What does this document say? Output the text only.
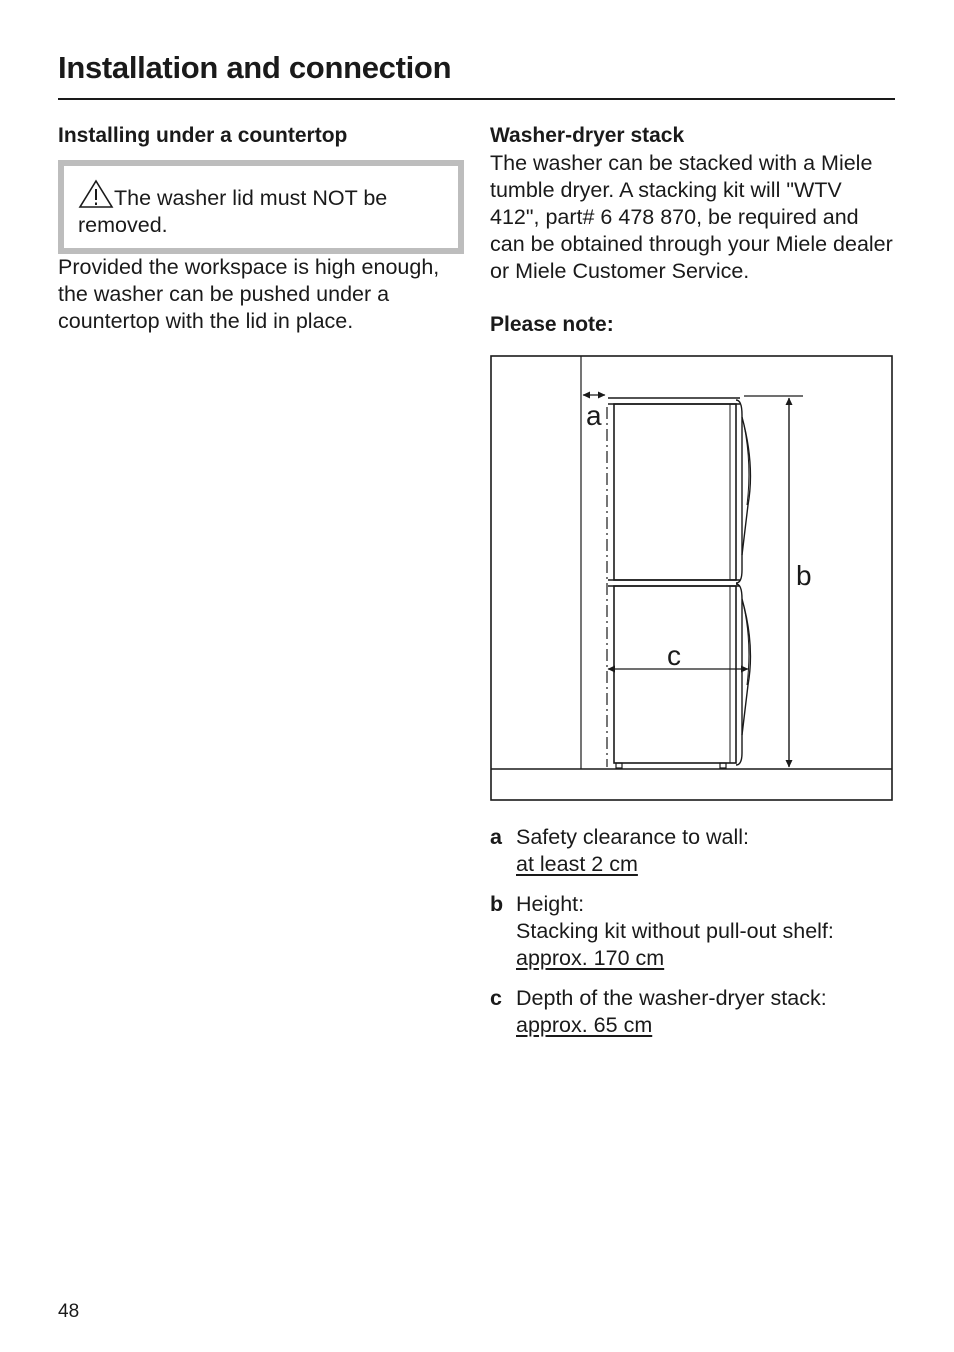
Installation and connection
Installing under a countertop
The washer lid must NOT be removed.

Provided the workspace is high enough, the washer can be pushed under a countertop with the lid in place.

Washer-dryer stack

The washer can be stacked with a Miele tumble dryer. A stacking kit will "WTV 412", part# 6 478 870, be required and can be obtained through your Miele dealer or Miele Customer Service.

Please note:
a
b
c
a Safety clearance to wall:
at least 2 cm
b Height:
Stacking kit without pull-out shelf:
approx. 170 cm
c Depth of the washer-dryer stack:
approx. 65 cm
48
